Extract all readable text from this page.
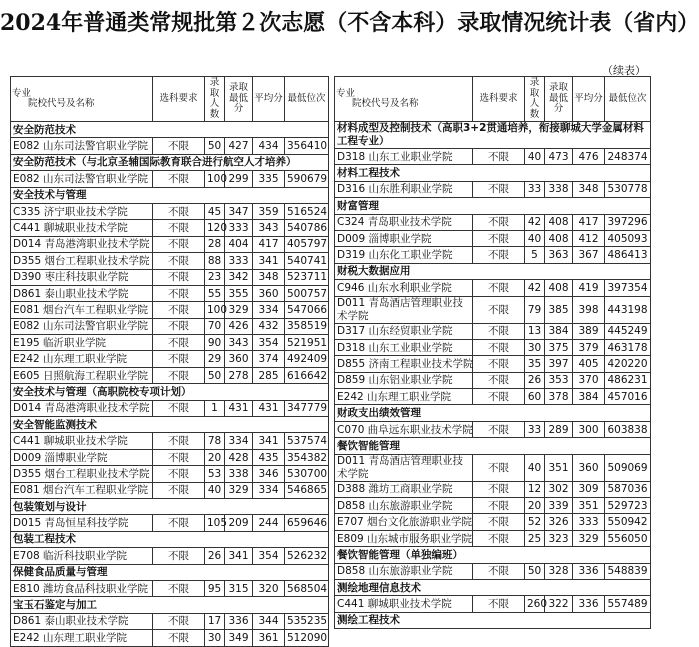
2024年普通类常规批第２次志愿（不含本科）录取情况统计表（省内）
（续表）
专业
院校代号及名称	选科要求	录取人数	录取最低分	平均分	最低位次
安全防范技术					
E082 山东司法警官职业学院	不限	50	427	434	356410
安全防范技术（与北京圣辅国际教育联合进行航空人才培养）					
E082 山东司法警官职业学院	不限	100	299	335	590679
安全技术与管理					
C335 济宁职业技术学院	不限	45	347	359	516524
C441 聊城职业技术学院	不限	120	333	343	540786
D014 青岛港湾职业技术学院	不限	28	404	417	405797
D355 烟台工程职业技术学院	不限	88	333	341	540741
D390 枣庄科技职业学院	不限	23	342	348	523711
D861 泰山职业技术学院	不限	55	355	360	500757
E081 烟台汽车工程职业学院	不限	100	329	334	547066
E082 山东司法警官职业学院	不限	70	426	432	358519
E195 临沂职业学院	不限	90	343	354	521951
E242 山东理工职业学院	不限	29	360	374	492409
E605 日照航海工程职业学院	不限	50	278	285	616642
安全技术与管理（高职院校专项计划）					
D014 青岛港湾职业技术学院	不限	1	431	431	347779
安全智能监测技术					
C441 聊城职业技术学院	不限	78	334	341	537574
D009 淄博职业学院	不限	20	428	435	354382
D355 烟台工程职业技术学院	不限	53	338	346	530700
E081 烟台汽车工程职业学院	不限	40	329	334	546865
包装策划与设计					
D015 青岛恒星科技学院	不限	105	209	244	659646
包装工程技术					
E708 临沂科技职业学院	不限	26	341	354	526232
保健食品质量与管理					
E810 潍坊食品科技职业学院	不限	95	315	320	568504
宝玉石鉴定与加工					
D861 泰山职业技术学院	不限	17	336	344	535235
E242 山东理工职业学院	不限	30	349	361	512090
专业
院校代号及名称	选科要求	录取人数	录取最低分	平均分	最低位次
材料成型及控制技术（高职3+2贯通培养，衔接聊城大学金属材料工程专业）					
D318 山东工业职业学院	不限	40	473	476	248374
材料工程技术					
D316 山东胜利职业学院	不限	33	338	348	530778
财富管理					
C324 青岛职业技术学院	不限	42	408	417	397296
D009 淄博职业学院	不限	40	408	412	405093
D319 山东化工职业学院	不限	5	363	367	486413
财税大数据应用					
C946 山东水利职业学院	不限	42	408	419	397354
D011 青岛酒店管理职业技术学院	不限	79	385	398	443198
D317 山东经贸职业学院	不限	13	384	389	445249
D318 山东工业职业学院	不限	30	375	379	463178
D855 济南工程职业技术学院	不限	35	397	405	420220
D859 山东铝业职业学院	不限	26	353	370	486231
E242 山东理工职业学院	不限	60	378	384	457016
财政支出绩效管理					
C070 曲阜远东职业技术学院	不限	33	289	300	603838
餐饮智能管理					
D011 青岛酒店管理职业技术学院	不限	40	351	360	509069
D388 潍坊工商职业学院	不限	12	302	309	587036
D858 山东旅游职业学院	不限	20	339	351	529723
E707 烟台文化旅游职业学院	不限	52	326	333	550942
E809 山东城市服务职业学院	不限	25	323	329	556050
餐饮智能管理（单独编班）					
D858 山东旅游职业学院	不限	50	328	336	548839
测绘地理信息技术					
C441 聊城职业技术学院	不限	260	322	336	557489
测绘工程技术					
